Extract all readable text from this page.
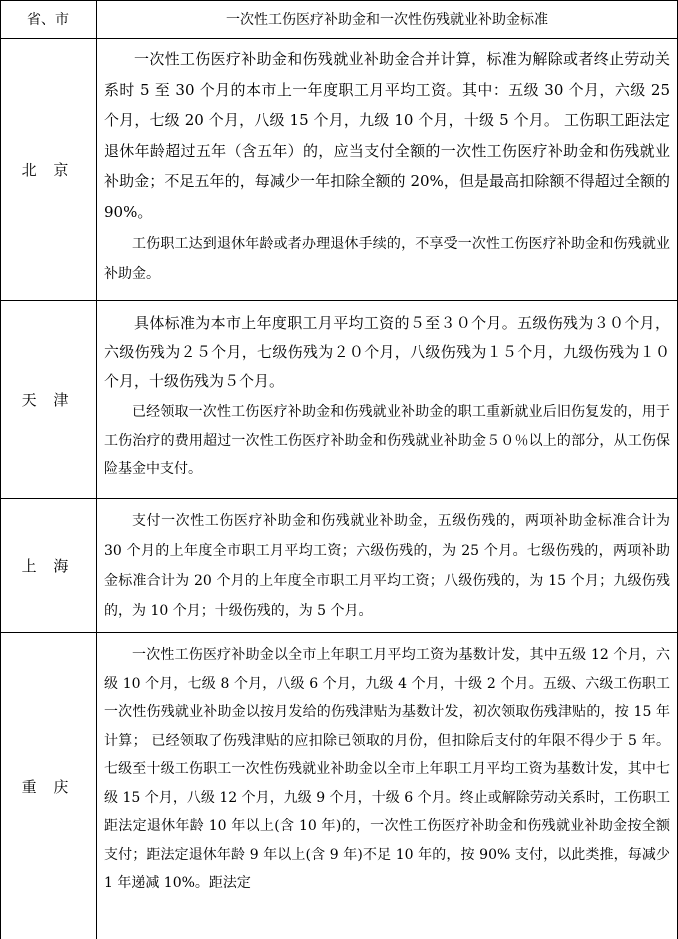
省、市	一次性工伤医疗补助金和一次性伤残就业补助金标准
北 京

一次性工伤医疗补助金和伤残就业补助金合并计算，标准为解除或者终止劳动关系时 5 至 30 个月的本市上一年度职工月平均工资。其中：五级 30 个月，六级 25 个月，七级 20 个月，八级 15 个月，九级 10 个月，十级 5 个月。 工伤职工距法定退休年龄超过五年（含五年）的，应当支付全额的一次性工伤医疗补助金和伤残就业补助金；不足五年的，每减少一年扣除全额的 20%，但是最高扣除额不得超过全额的 90%。

工伤职工达到退休年龄或者办理退休手续的，不享受一次性工伤医疗补助金和伤残就业补助金。

天 津

具体标准为本市上年度职工月平均工资的５至３０个月。五级伤残为３０个月，六级伤残为２５个月，七级伤残为２０个月，八级伤残为１５个月，九级伤残为１０个月，十级伤残为５个月。

已经领取一次性工伤医疗补助金和伤残就业补助金的职工重新就业后旧伤复发的，用于工伤治疗的费用超过一次性工伤医疗补助金和伤残就业补助金５０％以上的部分，从工伤保险基金中支付。

上 海

支付一次性工伤医疗补助金和伤残就业补助金，五级伤残的，两项补助金标准合计为 30 个月的上年度全市职工月平均工资；六级伤残的，为 25 个月。七级伤残的，两项补助金标准合计为 20 个月的上年度全市职工月平均工资；八级伤残的，为 15 个月；九级伤残的，为 10 个月；十级伤残的，为 5 个月。

重 庆

一次性工伤医疗补助金以全市上年职工月平均工资为基数计发，其中五级 12 个月，六级 10 个月，七级 8 个月，八级 6 个月，九级 4 个月，十级 2 个月。五级、六级工伤职工一次性伤残就业补助金以按月发给的伤残津贴为基数计发，初次领取伤残津贴的，按 15 年计算； 已经领取了伤残津贴的应扣除已领取的月份，但扣除后支付的年限不得少于 5 年。七级至十级工伤职工一次性伤残就业补助金以全市上年职工月平均工资为基数计发，其中七级 15 个月，八级 12 个月，九级 9 个月，十级 6 个月。终止或解除劳动关系时，工伤职工距法定退休年龄 10 年以上(含 10 年)的，一次性工伤医疗补助金和伤残就业补助金按全额支付；距法定退休年龄 9 年以上(含 9 年)不足 10 年的，按 90% 支付，以此类推，每减少 1 年递减 10%。距法定
